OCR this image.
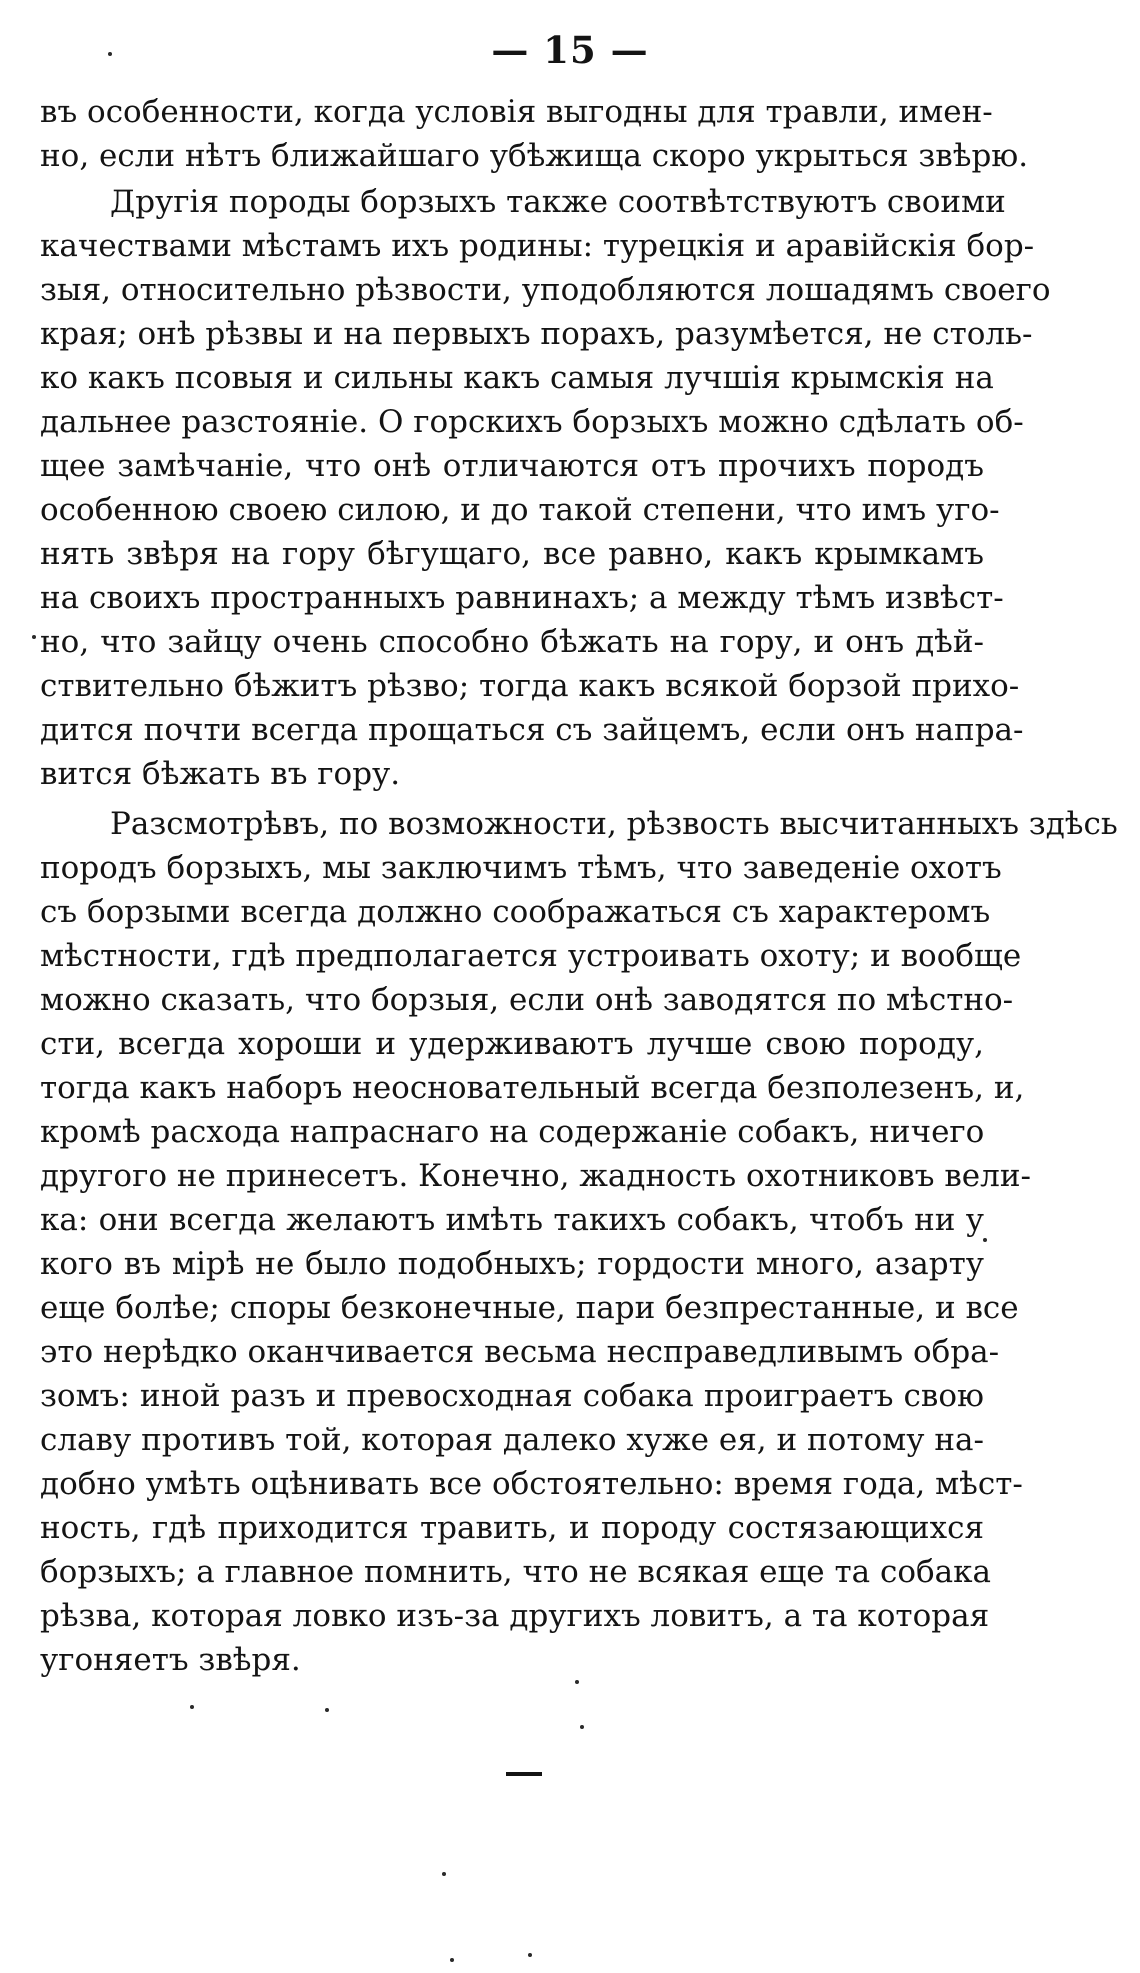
— 15 —
въ особенности, когда условія выгодны для травли, имен-
но, если нѣтъ ближайшаго убѣжища скоро укрыться звѣрю.
Другія породы борзыхъ также соотвѣтствуютъ своими
качествами мѣстамъ ихъ родины: турецкія и аравійскія бор-
зыя, относительно рѣзвости, уподобляются лошадямъ своего
края; онѣ рѣзвы и на первыхъ порахъ, разумѣется, не столь-
ко какъ псовыя и сильны какъ самыя лучшія крымскія на
дальнее разстояніе. О горскихъ борзыхъ можно сдѣлать об-
щее замѣчаніе, что онѣ отличаются отъ прочихъ породъ
особенною своею силою, и до такой степени, что имъ уго-
нять звѣря на гору бѣгущаго, все равно, какъ крымкамъ
на своихъ пространныхъ равнинахъ; а между тѣмъ извѣст-
но, что зайцу очень способно бѣжать на гору, и онъ дѣй-
ствительно бѣжитъ рѣзво; тогда какъ всякой борзой прихо-
дится почти всегда прощаться съ зайцемъ, если онъ напра-
вится бѣжать въ гору.
Разсмотрѣвъ, по возможности, рѣзвость высчитанныхъ здѣсь
породъ борзыхъ, мы заключимъ тѣмъ, что заведеніе охотъ
съ борзыми всегда должно соображаться съ характеромъ
мѣстности, гдѣ предполагается устроивать охоту; и вообще
можно сказать, что борзыя, если онѣ заводятся по мѣстно-
сти, всегда хороши и удерживаютъ лучше свою породу,
тогда какъ наборъ неосновательный всегда безполезенъ, и,
кромѣ расхода напраснаго на содержаніе собакъ, ничего
другого не принесетъ. Конечно, жадность охотниковъ вели-
ка: они всегда желаютъ имѣть такихъ собакъ, чтобъ ни у
кого въ мірѣ не было подобныхъ; гордости много, азарту
еще болѣе; споры безконечные, пари безпрестанные, и все
это нерѣдко оканчивается весьма несправедливымъ обра-
зомъ: иной разъ и превосходная собака проиграетъ свою
славу противъ той, которая далеко хуже ея, и потому на-
добно умѣть оцѣнивать все обстоятельно: время года, мѣст-
ность, гдѣ приходится травить, и породу состязающихся
борзыхъ; а главное помнить, что не всякая еще та собака
рѣзва, которая ловко изъ-за другихъ ловитъ, а та которая
угоняетъ звѣря.
